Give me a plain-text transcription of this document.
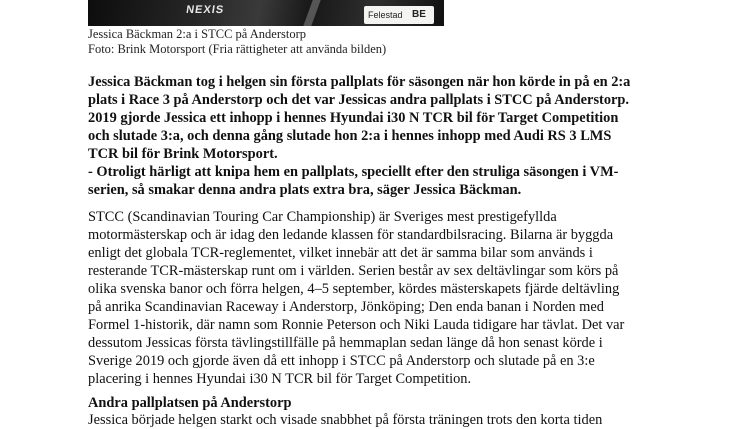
NEXIS	Felestad BE
Jessica Bäckman 2:a i STCC på Anderstorp
Foto: Brink Motorsport (Fria rättigheter att använda bilden)

Jessica Bäckman tog i helgen sin första pallplats för säsongen när hon körde in på en 2:a
plats i Race 3 på Anderstorp och det var Jessicas andra pallplats i STCC på Anderstorp.
2019 gjorde Jessica ett inhopp i hennes Hyundai i30 N TCR bil för Target Competition
och slutade 3:a, och denna gång slutade hon 2:a i hennes inhopp med Audi RS 3 LMS
TCR bil för Brink Motorsport.
- Otroligt härligt att knipa hem en pallplats, speciellt efter den struliga säsongen i VM-
serien, så smakar denna andra plats extra bra, säger Jessica Bäckman.

STCC (Scandinavian Touring Car Championship) är Sveriges mest prestigefyllda
motormästerskap och är idag den ledande klassen för standardbilsracing. Bilarna är byggda
enligt det globala TCR-reglementet, vilket innebär att det är samma bilar som används i
resterande TCR-mästerskap runt om i världen. Serien består av sex deltävlingar som körs på
olika svenska banor och förra helgen, 4–5 september, kördes mästerskapets fjärde deltävling
på anrika Scandinavian Raceway i Anderstorp, Jönköping; Den enda banan i Norden med
Formel 1-historik, där namn som Ronnie Peterson och Niki Lauda tidigare har tävlat. Det var
dessutom Jessicas första tävlingstillfälle på hemmaplan sedan länge då hon senast körde i
Sverige 2019 och gjorde även då ett inhopp i STCC på Anderstorp och slutade på en 3:e
placering i hennes Hyundai i30 N TCR bil för Target Competition.

Andra pallplatsen på Anderstorp

Jessica började helgen starkt och visade snabbhet på första träningen trots den korta tiden
